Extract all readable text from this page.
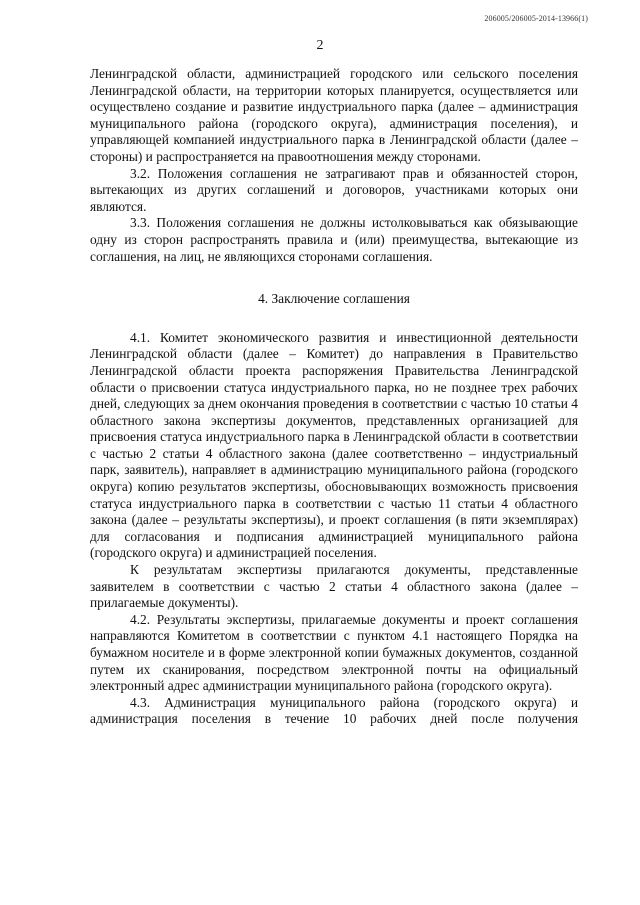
206005/206005-2014-13966(1)
2

Ленинградской области, администрацией городского или сельского поселения Ленинградской области, на территории которых планируется, осуществляется или осуществлено создание и развитие индустриального парка (далее – администрация муниципального района (городского округа), администрация поселения), и управляющей компанией индустриального парка в Ленинградской области (далее – стороны) и распространяется на правоотношения между сторонами.

3.2. Положения соглашения не затрагивают прав и обязанностей сторон, вытекающих из других соглашений и договоров, участниками которых они являются.

3.3. Положения соглашения не должны истолковываться как обязывающие одну из сторон распространять правила и (или) преимущества, вытекающие из соглашения, на лиц, не являющихся сторонами соглашения.

4. Заключение соглашения

4.1. Комитет экономического развития и инвестиционной деятельности Ленинградской области (далее – Комитет) до направления в Правительство Ленинградской области проекта распоряжения Правительства Ленинградской области о присвоении статуса индустриального парка, но не позднее трех рабочих дней, следующих за днем окончания проведения в соответствии с частью 10 статьи 4 областного закона экспертизы документов, представленных организацией для присвоения статуса индустриального парка в Ленинградской области в соответствии с частью 2 статьи 4 областного закона (далее соответственно – индустриальный парк, заявитель), направляет в администрацию муниципального района (городского округа) копию результатов экспертизы, обосновывающих возможность присвоения статуса индустриального парка в соответствии с частью 11 статьи 4 областного закона (далее – результаты экспертизы), и проект соглашения (в пяти экземплярах) для согласования и подписания администрацией муниципального района (городского округа) и администрацией поселения.

К результатам экспертизы прилагаются документы, представленные заявителем в соответствии с частью 2 статьи 4 областного закона (далее – прилагаемые документы).

4.2. Результаты экспертизы, прилагаемые документы и проект соглашения направляются Комитетом в соответствии с пунктом 4.1 настоящего Порядка на бумажном носителе и в форме электронной копии бумажных документов, созданной путем их сканирования, посредством электронной почты на официальный электронный адрес администрации муниципального района (городского округа).

4.3. Администрация муниципального района (городского округа) и администрация поселения в течение 10 рабочих дней после получения
